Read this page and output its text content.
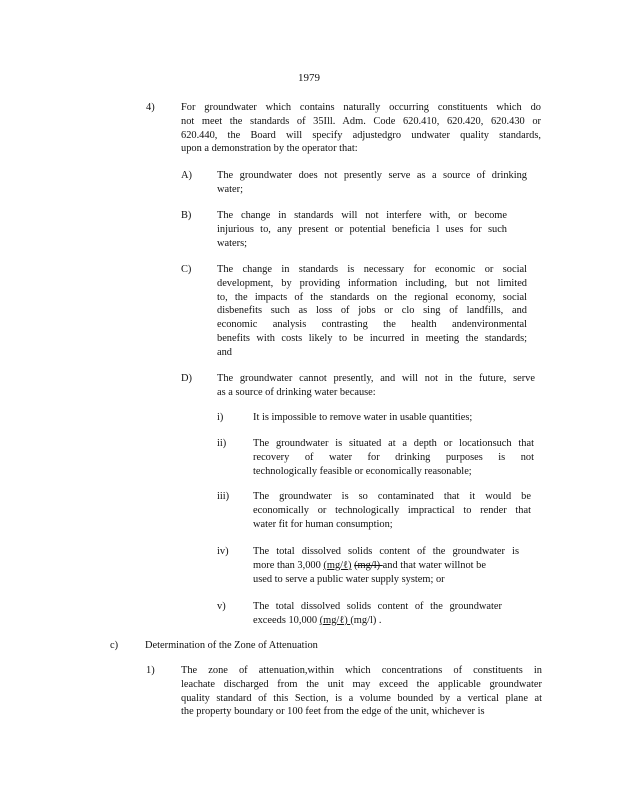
1979
4)	For groundwater which contains naturally occurring constituents which do
not meet the standards of 35Ill. Adm. Code 620.410, 620.420, 620.430 or
620.440, the Board will specify adjustedgro undwater quality standards,
upon a demonstration by the operator that:
A) The groundwater does not presently serve as a source of drinking
water;
B) The change in standards will not interfere with, or become
injurious to, any present or potential beneficia l uses for such
waters;
C) The change in standards is necessary for economic or social
development, by providing information including, but not limited
to, the impacts of the standards on the regional economy, social
disbenefits such as loss of jobs or clo sing of landfills, and
economic analysis contrasting the health andenvironmental
benefits with costs likely to be incurred in meeting the standards;
and
D) The groundwater cannot presently, and will not in the future, serve
as a source of drinking water because:
i)	It is impossible to remove water in usable quantities;
ii)	The groundwater is situated at a depth or locationsuch that
recovery of water for drinking purposes is not
technologically feasible or economically reasonable;
iii) The groundwater is so contaminated that it would be
economically or technologically impractical to render that
water fit for human consumption;
iv) The total dissolved solids content of the groundwater is
more than 3,000 (mg/ℓ) (mg/l) and that water willnot be
used to serve a public water supply system; or
v)	The total dissolved solids content of the groundwater
exceeds 10,000 (mg/ℓ) (mg/l) .
c)	Determination of the Zone of Attenuation
1)	The zone of attenuation,within which concentrations of constituents in
leachate discharged from the unit may exceed the applicable groundwater
quality standard of this Section, is a volume bounded by a vertical plane at
the property boundary or 100 feet from the edge of the unit, whichever is
